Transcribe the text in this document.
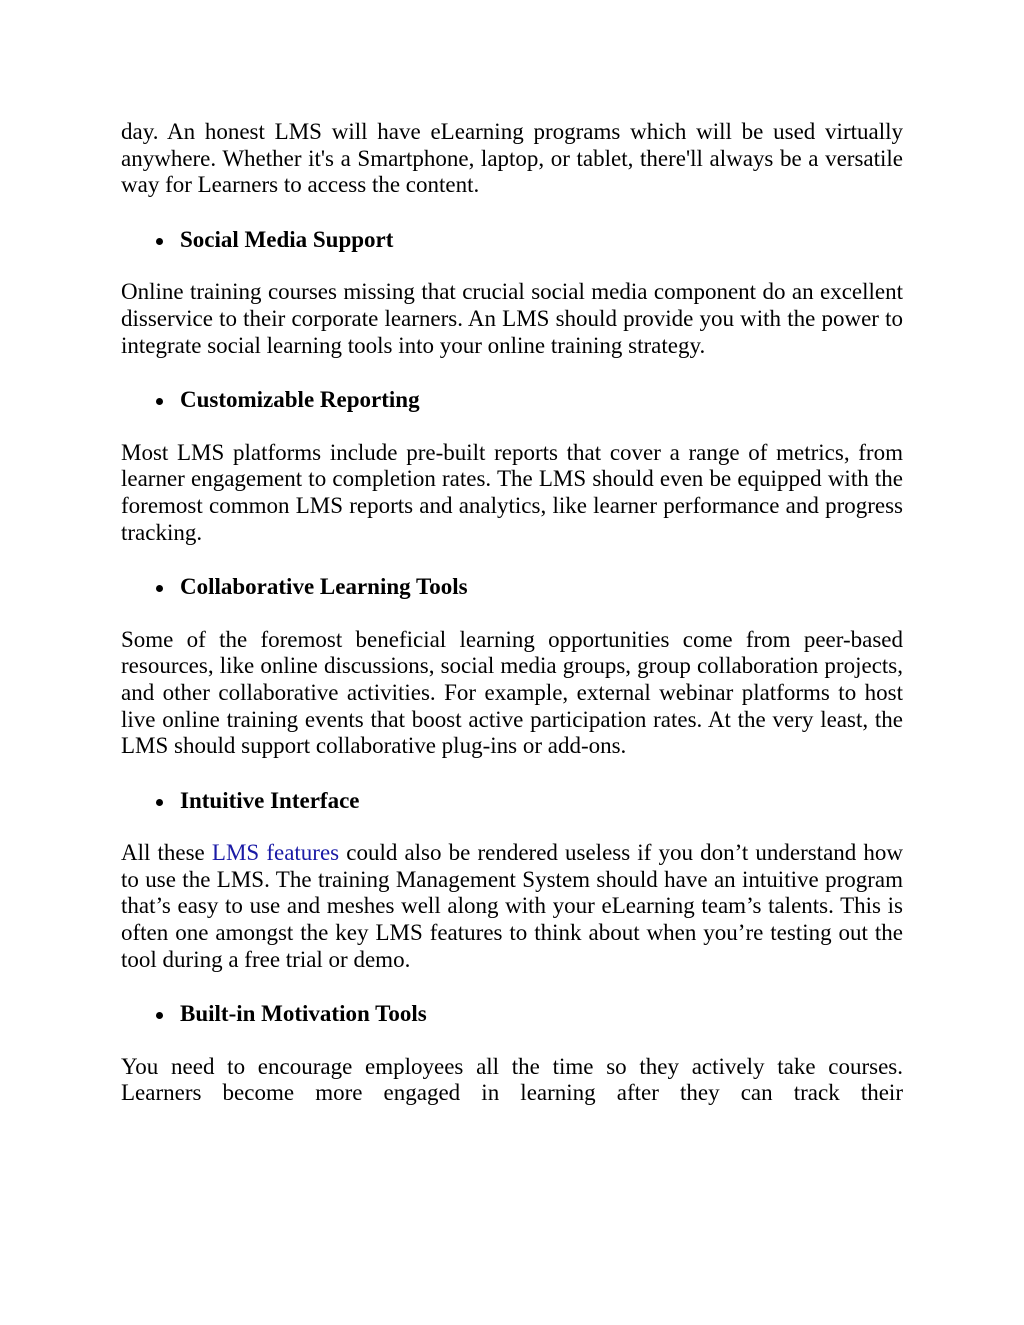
day. An honest LMS will have eLearning programs which will be used virtually anywhere. Whether it's a Smartphone, laptop, or tablet, there'll always be a versatile way for Learners to access the content.

Social Media Support

Online training courses missing that crucial social media component do an excellent disservice to their corporate learners. An LMS should provide you with the power to integrate social learning tools into your online training strategy.

Customizable Reporting

Most LMS platforms include pre-built reports that cover a range of metrics, from learner engagement to completion rates. The LMS should even be equipped with the foremost common LMS reports and analytics, like learner performance and progress tracking.

Collaborative Learning Tools

Some of the foremost beneficial learning opportunities come from peer-based resources, like online discussions, social media groups, group collaboration projects, and other collaborative activities. For example, external webinar platforms to host live online training events that boost active participation rates. At the very least, the LMS should support collaborative plug-ins or add-ons.

Intuitive Interface

All these LMS features could also be rendered useless if you don’t understand how to use the LMS. The training Management System should have an intuitive program that’s easy to use and meshes well along with your eLearning team’s talents. This is often one amongst the key LMS features to think about when you’re testing out the tool during a free trial or demo.

Built-in Motivation Tools

You need to encourage employees all the time so they actively take courses. Learners become more engaged in learning after they can track their
